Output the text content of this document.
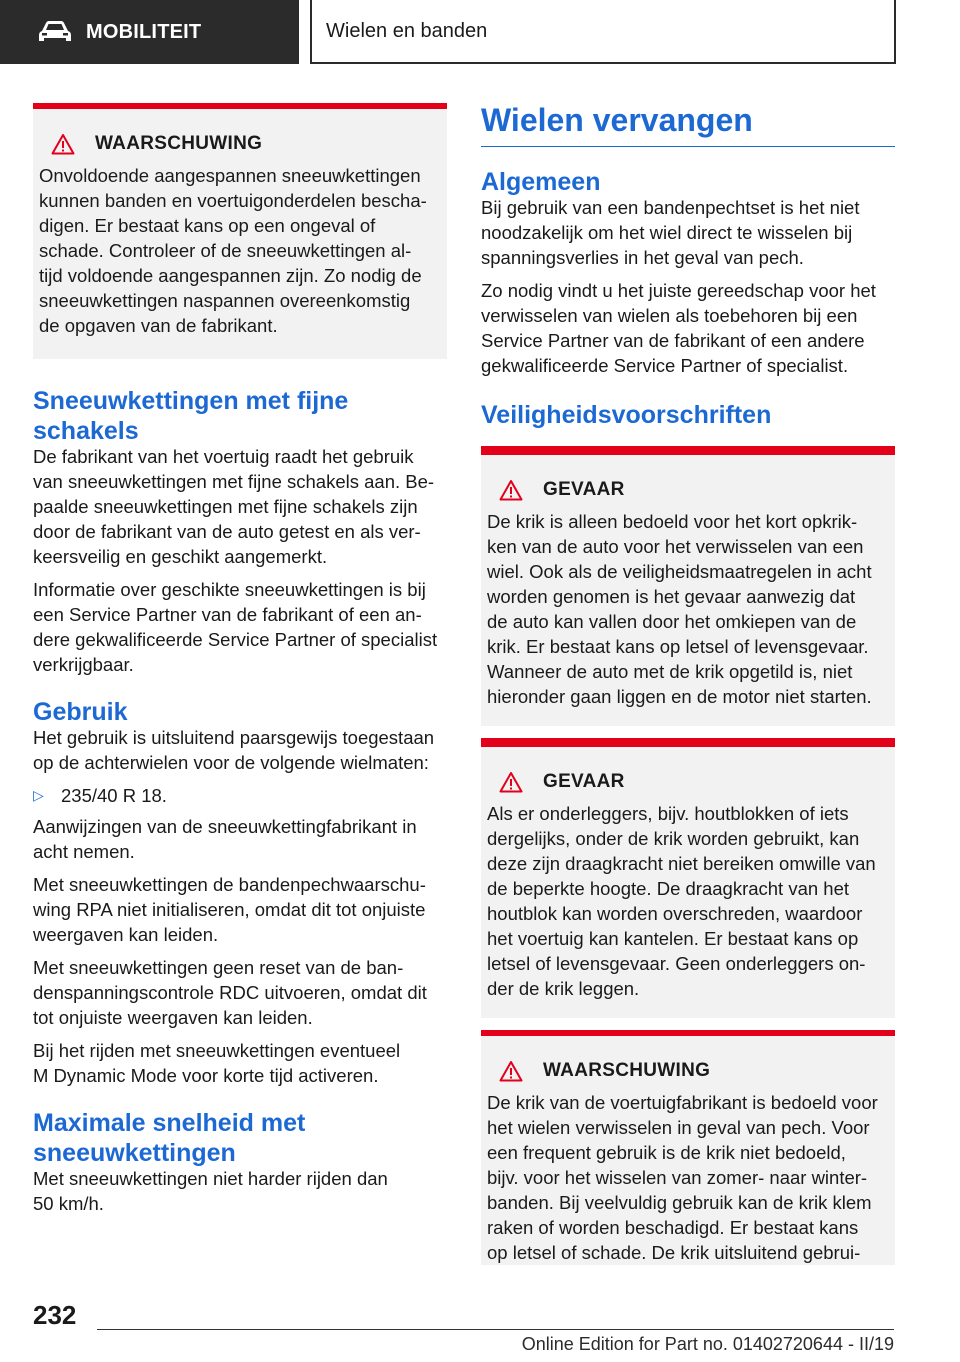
MOBILITEIT	Wielen en banden
WAARSCHUWING

Onvoldoende aangespannen sneeuwkettingen
kunnen banden en voertuigonderdelen bescha‐
digen. Er bestaat kans op een ongeval of
schade. Controleer of de sneeuwkettingen al‐
tijd voldoende aangespannen zijn. Zo nodig de
sneeuwkettingen naspannen overeenkomstig
de opgaven van de fabrikant.

Sneeuwkettingen met fijne
schakels

De fabrikant van het voertuig raadt het gebruik
van sneeuwkettingen met fijne schakels aan. Be‐
paalde sneeuwkettingen met fijne schakels zijn
door de fabrikant van de auto getest en als ver‐
keersveilig en geschikt aangemerkt.

Informatie over geschikte sneeuwkettingen is bij
een Service Partner van de fabrikant of een an‐
dere gekwalificeerde Service Partner of specialist
verkrijgbaar.

Gebruik

Het gebruik is uitsluitend paarsgewijs toegestaan
op de achterwielen voor de volgende wielmaten:

▷ 235/40 R 18.

Aanwijzingen van de sneeuwkettingfabrikant in
acht nemen.

Met sneeuwkettingen de bandenpechwaarschu‐
wing RPA niet initialiseren, omdat dit tot onjuiste
weergaven kan leiden.

Met sneeuwkettingen geen reset van de ban‐
denspanningscontrole RDC uitvoeren, omdat dit
tot onjuiste weergaven kan leiden.

Bij het rijden met sneeuwkettingen eventueel
M Dynamic Mode voor korte tijd activeren.

Maximale snelheid met
sneeuwkettingen

Met sneeuwkettingen niet harder rijden dan
50 km/h.

Wielen vervangen
Algemeen

Bij gebruik van een bandenpechtset is het niet
noodzakelijk om het wiel direct te wisselen bij
spanningsverlies in het geval van pech.

Zo nodig vindt u het juiste gereedschap voor het
verwisselen van wielen als toebehoren bij een
Service Partner van de fabrikant of een andere
gekwalificeerde Service Partner of specialist.

Veiligheidsvoorschriften
GEVAAR

De krik is alleen bedoeld voor het kort opkrik‐
ken van de auto voor het verwisselen van een
wiel. Ook als de veiligheidsmaatregelen in acht
worden genomen is het gevaar aanwezig dat
de auto kan vallen door het omkiepen van de
krik. Er bestaat kans op letsel of levensgevaar.
Wanneer de auto met de krik opgetild is, niet
hieronder gaan liggen en de motor niet starten.

GEVAAR

Als er onderleggers, bijv. houtblokken of iets
dergelijks, onder de krik worden gebruikt, kan
deze zijn draagkracht niet bereiken omwille van
de beperkte hoogte. De draagkracht van het
houtblok kan worden overschreden, waardoor
het voertuig kan kantelen. Er bestaat kans op
letsel of levensgevaar. Geen onderleggers on‐
der de krik leggen.

WAARSCHUWING

De krik van de voertuigfabrikant is bedoeld voor
het wielen verwisselen in geval van pech. Voor
een frequent gebruik is de krik niet bedoeld,
bijv. voor het wisselen van zomer- naar winter‐
banden. Bij veelvuldig gebruik kan de krik klem
raken of worden beschadigd. Er bestaat kans
op letsel of schade. De krik uitsluitend gebrui‐

232
Online Edition for Part no. 01402720644 - II/19
